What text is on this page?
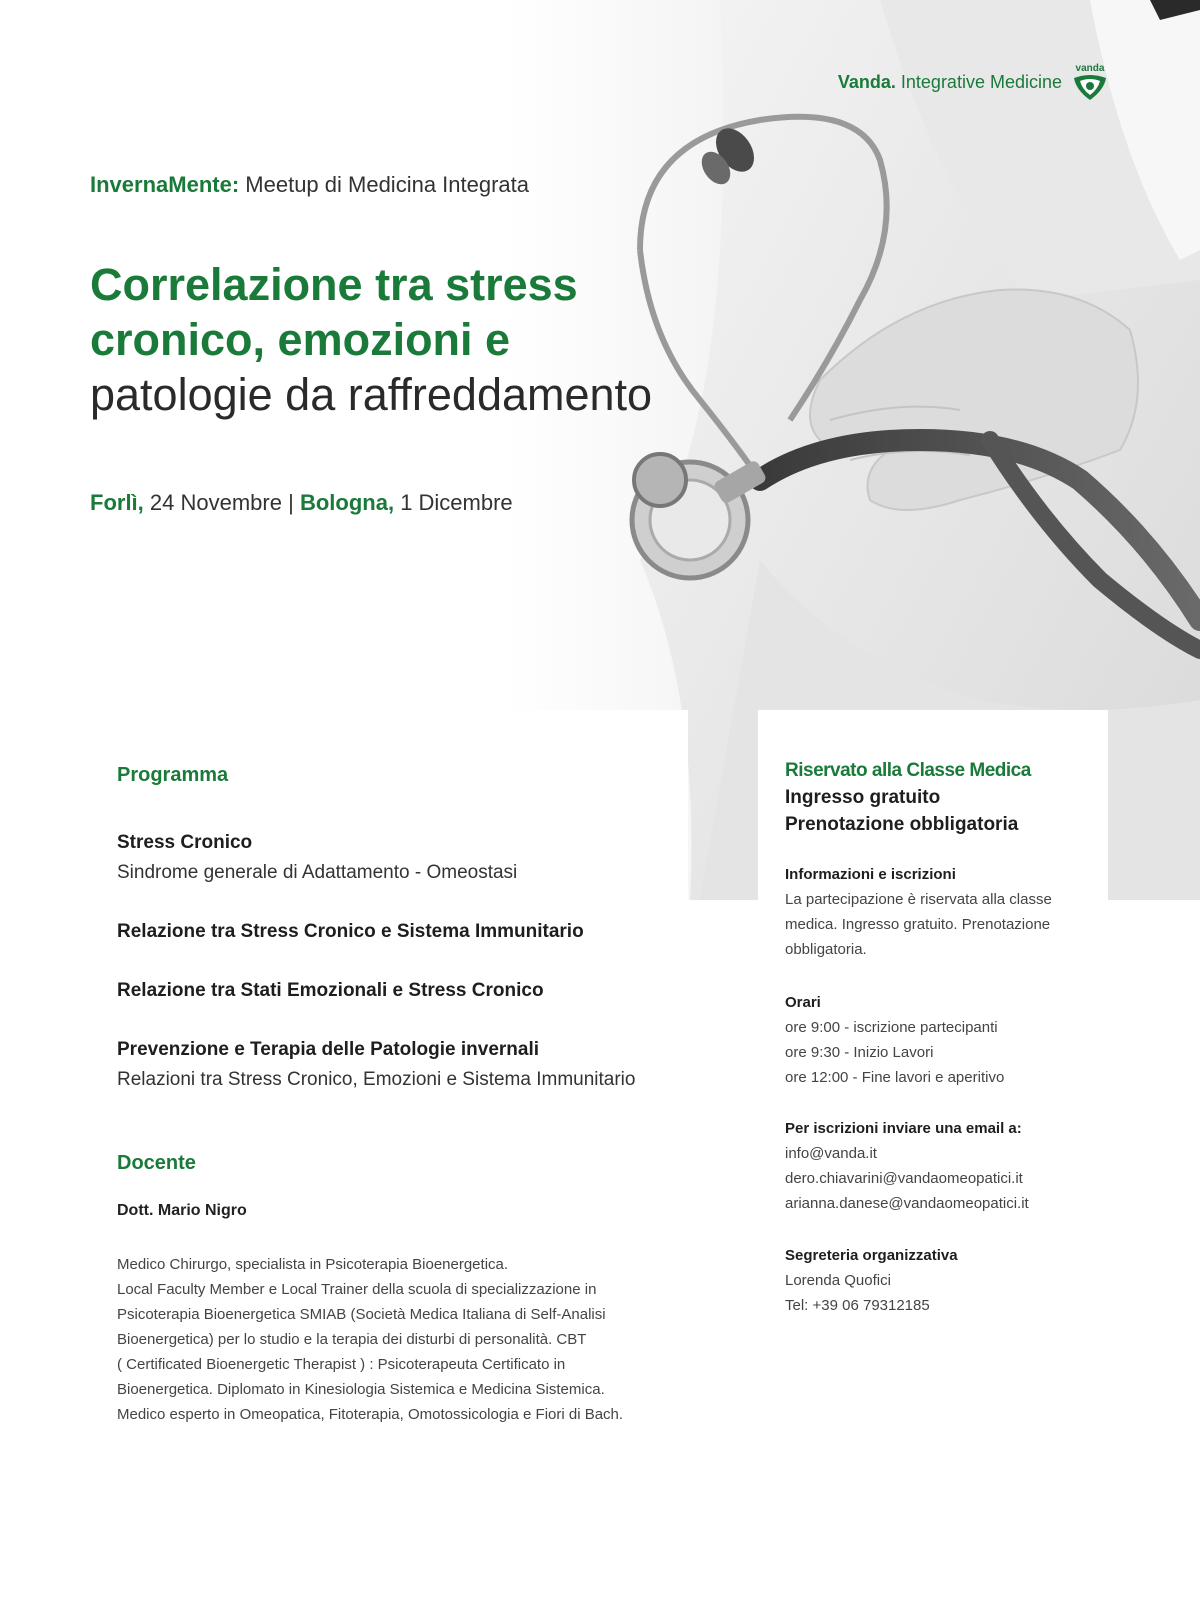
Vanda. Integrative Medicine
vanda
InvernaMente: Meetup di Medicina Integrata
Correlazione tra stress
cronico, emozioni e
patologie da raffreddamento
Forlì, 24 Novembre | Bologna, 1 Dicembre
Programma
Stress Cronico
Sindrome generale di Adattamento - Omeostasi
Relazione tra Stress Cronico e Sistema Immunitario
Relazione tra Stati Emozionali e Stress Cronico
Prevenzione e Terapia delle Patologie invernali
Relazioni tra Stress Cronico, Emozioni e Sistema Immunitario
Docente
Dott. Mario Nigro
Medico Chirurgo, specialista in Psicoterapia Bioenergetica.
Local Faculty Member e Local Trainer della scuola di specializzazione in
Psicoterapia Bioenergetica SMIAB (Società Medica Italiana di Self-Analisi
Bioenergetica) per lo studio e la terapia dei disturbi di personalità. CBT
( Certificated Bioenergetic Therapist ) : Psicoterapeuta Certificato in
Bioenergetica. Diplomato in Kinesiologia Sistemica e Medicina Sistemica.
Medico esperto in Omeopatica, Fitoterapia, Omotossicologia e Fiori di Bach.
Riservato alla Classe Medica
Ingresso gratuito
Prenotazione obbligatoria
Informazioni e iscrizioni
La partecipazione è riservata alla classe
medica. Ingresso gratuito. Prenotazione
obbligatoria.
Orari
ore 9:00 - iscrizione partecipanti
ore 9:30 - Inizio Lavori
ore 12:00 - Fine lavori e aperitivo
Per iscrizioni inviare una email a:
info@vanda.it
dero.chiavarini@vandaomeopatici.it
arianna.danese@vandaomeopatici.it
Segreteria organizzativa
Lorenda Quofici
Tel: +39 06 79312185
